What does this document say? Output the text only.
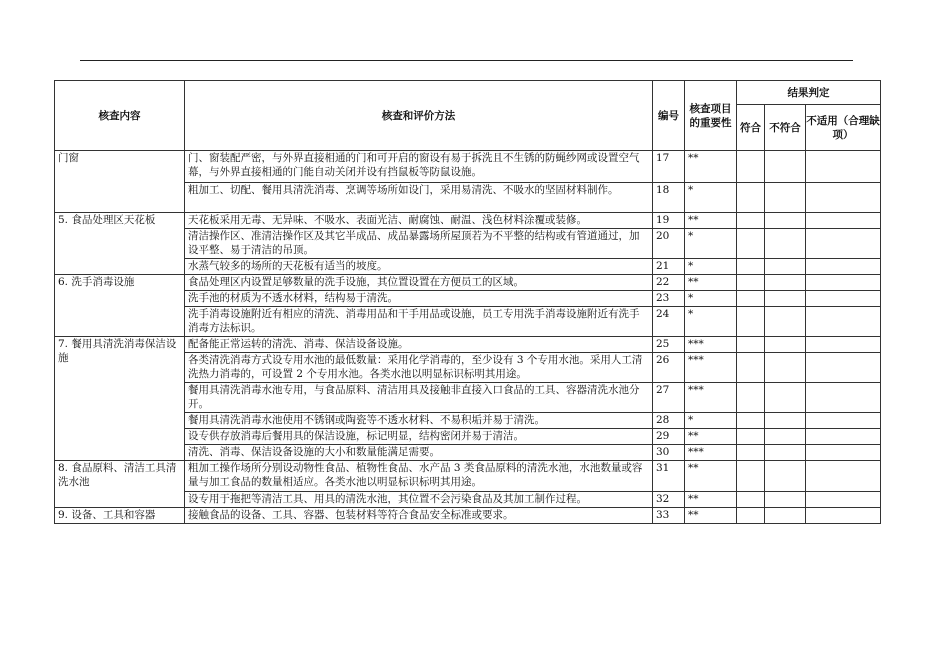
核查内容	核查和评价方法	编号	核查项目的重要性	结果判定		
				符合	不符合	不适用（合理缺项）
门窗	门、窗装配严密，与外界直接相通的门和可开启的窗设有易于拆洗且不生锈的防蝇纱网或设置空气幕，与外界直接相通的门能自动关闭并设有挡鼠板等防鼠设施。	17	**			
	粗加工、切配、餐用具清洗消毒、烹调等场所如设门，采用易清洗、不吸水的坚固材料制作。	18	*			
5. 食品处理区天花板	天花板采用无毒、无异味、不吸水、表面光洁、耐腐蚀、耐温、浅色材料涂覆或装修。	19	**			
	清洁操作区、准清洁操作区及其它半成品、成品暴露场所屋顶若为不平整的结构或有管道通过，加设平整、易于清洁的吊顶。	20	*			
	水蒸气较多的场所的天花板有适当的坡度。	21	*			
6. 洗手消毒设施	食品处理区内设置足够数量的洗手设施，其位置设置在方便员工的区域。	22	**			
	洗手池的材质为不透水材料，结构易于清洗。	23	*			
	洗手消毒设施附近有相应的清洗、消毒用品和干手用品或设施，员工专用洗手消毒设施附近有洗手消毒方法标识。	24	*			
7. 餐用具清洗消毒保洁设施	配备能正常运转的清洗、消毒、保洁设备设施。	25	***			
	各类清洗消毒方式设专用水池的最低数量：采用化学消毒的，至少设有 3 个专用水池。采用人工清洗热力消毒的，可设置 2 个专用水池。各类水池以明显标识标明其用途。	26	***			
	餐用具清洗消毒水池专用，与食品原料、清洁用具及接触非直接入口食品的工具、容器清洗水池分开。	27	***			
	餐用具清洗消毒水池使用不锈钢或陶瓷等不透水材料、不易积垢并易于清洗。	28	*			
	设专供存放消毒后餐用具的保洁设施，标记明显，结构密闭并易于清洁。	29	**			
	清洗、消毒、保洁设备设施的大小和数量能满足需要。	30	***			
8. 食品原料、清洁工具清洗水池	粗加工操作场所分别设动物性食品、植物性食品、水产品 3 类食品原料的清洗水池，水池数量或容量与加工食品的数量相适应。各类水池以明显标识标明其用途。	31	**			
	设专用于拖把等清洁工具、用具的清洗水池，其位置不会污染食品及其加工制作过程。	32	**			
9. 设备、工具和容器	接触食品的设备、工具、容器、包装材料等符合食品安全标准或要求。	33	**			
